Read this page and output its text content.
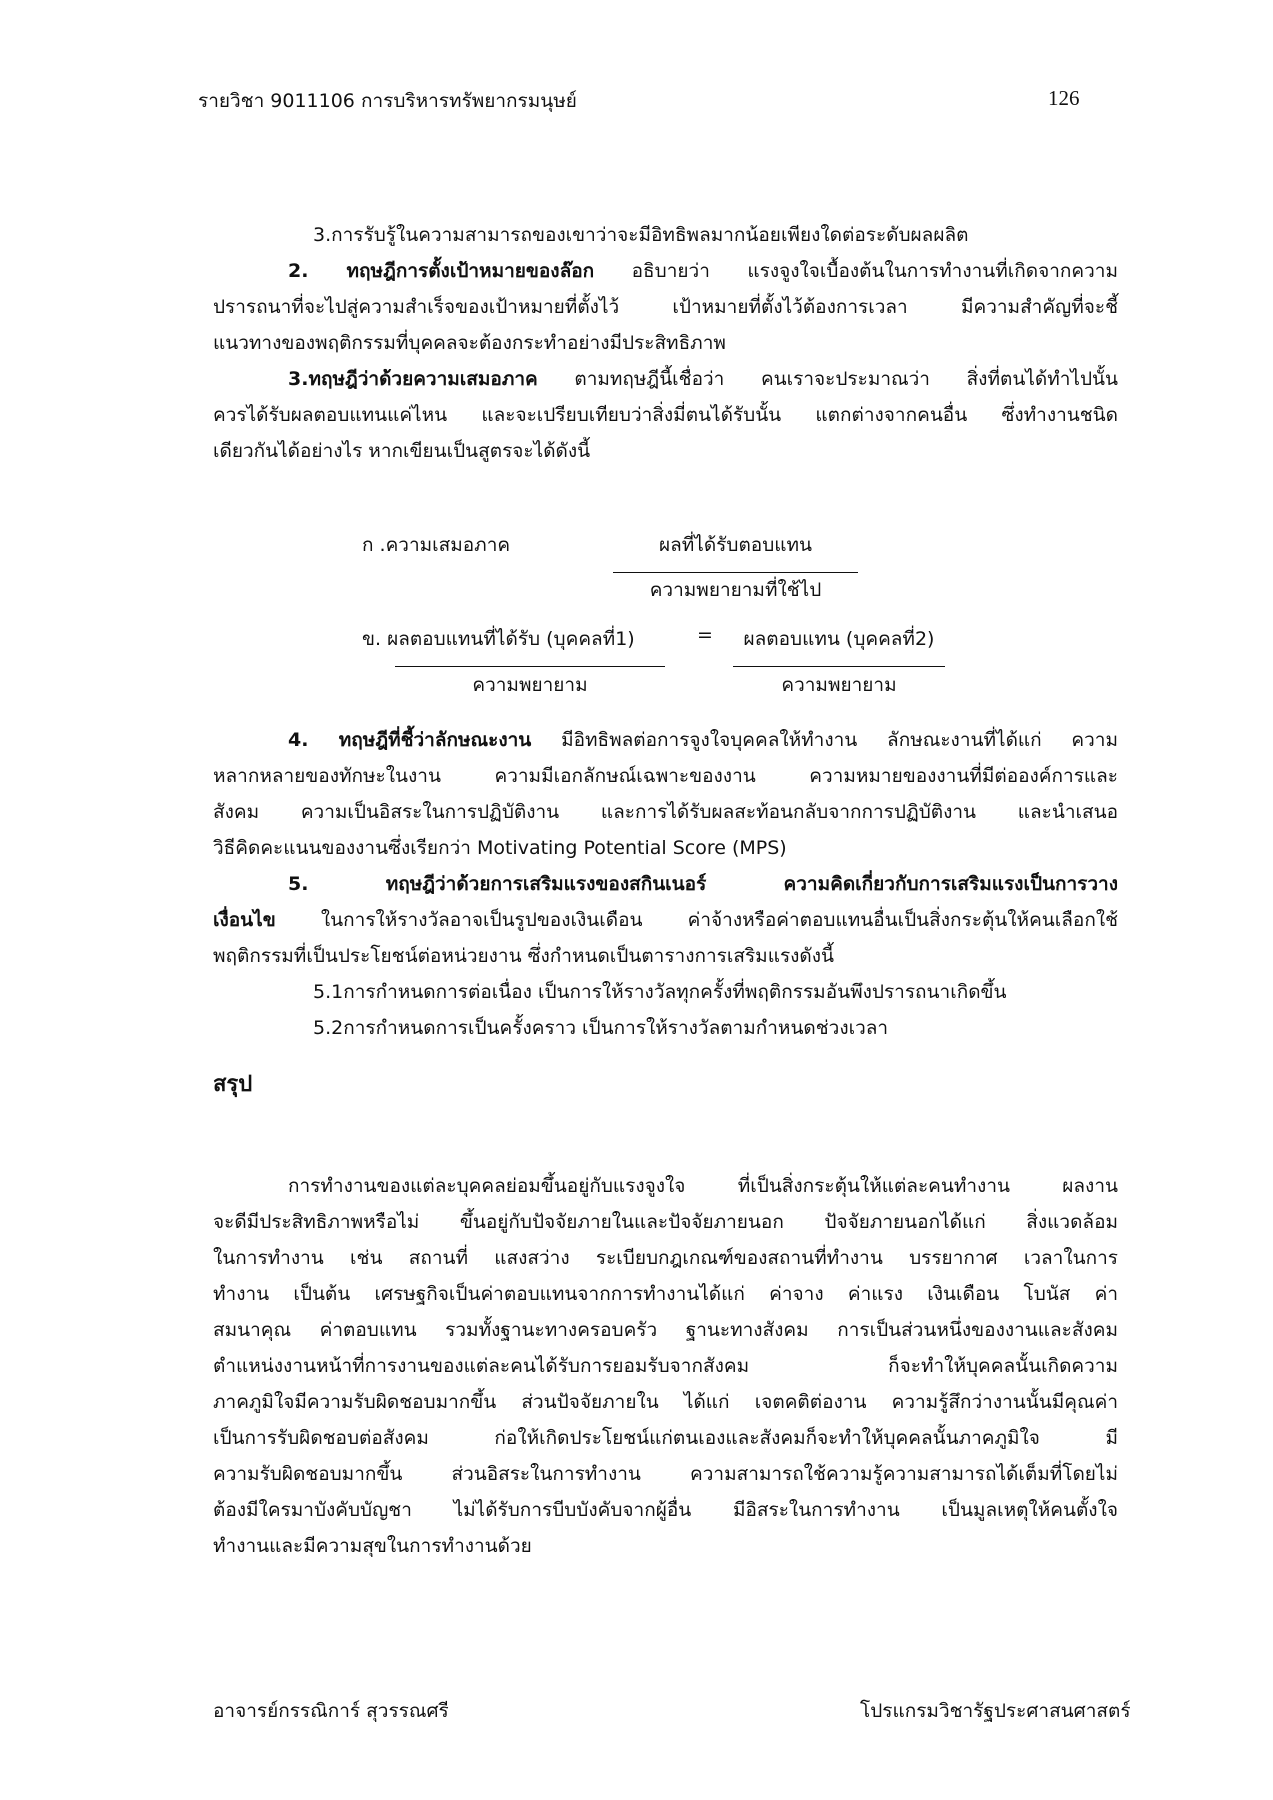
รายวิชา 9011106 การบริหารทรัพยากรมนุษย์	126
3.การรับรู้ในความสามารถของเขาว่าจะมีอิทธิพลมากน้อยเพียงใดต่อระดับผลผลิต
2. ทฤษฎีการตั้งเป้าหมายของล๊อก อธิบายว่า แรงจูงใจเบื้องต้นในการทำงานที่เกิดจากความ
ปรารถนาที่จะไปสู่ความสำเร็จของเป้าหมายที่ตั้งไว้ เป้าหมายที่ตั้งไว้ต้องการเวลา มีความสำคัญที่จะชี้
แนวทางของพฤติกรรมที่บุคคลจะต้องกระทำอย่างมีประสิทธิภาพ
3.ทฤษฎีว่าด้วยความเสมอภาค ตามทฤษฎีนี้เชื่อว่า คนเราจะประมาณว่า สิ่งที่ตนได้ทำไปนั้น
ควรได้รับผลตอบแทนแค่ไหน และจะเปรียบเทียบว่าสิ่งมี่ตนได้รับนั้น แตกต่างจากคนอื่น ซึ่งทำงานชนิด
เดียวกันได้อย่างไร หากเขียนเป็นสูตรจะได้ดังนี้
ก .ความเสมอภาค	ผลที่ได้รับตอบแทน
ความพยายามที่ใช้ไป
ข. ผลตอบแทนที่ได้รับ (บุคคลที่1)
ความพยายาม
=	ผลตอบแทน (บุคคลที่2)
ความพยายาม
4. ทฤษฎีที่ชี้ว่าลักษณะงาน มีอิทธิพลต่อการจูงใจบุคคลให้ทำงาน ลักษณะงานที่ได้แก่ ความ
หลากหลายของทักษะในงาน ความมีเอกลักษณ์เฉพาะของงาน ความหมายของงานที่มีต่อองค์การและ
สังคม ความเป็นอิสระในการปฏิบัติงาน และการได้รับผลสะท้อนกลับจากการปฏิบัติงาน และนำเสนอ
วิธีคิดคะแนนของงานซึ่งเรียกว่า Motivating Potential Score (MPS)
5. ทฤษฎีว่าด้วยการเสริมแรงของสกินเนอร์ ความคิดเกี่ยวกับการเสริมแรงเป็นการวาง
เงื่อนไข ในการให้รางวัลอาจเป็นรูปของเงินเดือน ค่าจ้างหรือค่าตอบแทนอื่นเป็นสิ่งกระตุ้นให้คนเลือกใช้
พฤติกรรมที่เป็นประโยชน์ต่อหน่วยงาน ซึ่งกำหนดเป็นตารางการเสริมแรงดังนี้
5.1การกำหนดการต่อเนื่อง เป็นการให้รางวัลทุกครั้งที่พฤติกรรมอันพึงปรารถนาเกิดขึ้น
5.2การกำหนดการเป็นครั้งคราว เป็นการให้รางวัลตามกำหนดช่วงเวลา
สรุป
การทำงานของแต่ละบุคคลย่อมขึ้นอยู่กับแรงจูงใจ ที่เป็นสิ่งกระตุ้นให้แต่ละคนทำงาน ผลงาน
จะดีมีประสิทธิภาพหรือไม่ ขึ้นอยู่กับปัจจัยภายในและปัจจัยภายนอก ปัจจัยภายนอกได้แก่ สิ่งแวดล้อม
ในการทำงาน เช่น สถานที่ แสงสว่าง ระเบียบกฎเกณฑ์ของสถานที่ทำงาน บรรยากาศ เวลาในการ
ทำงาน เป็นต้น เศรษฐกิจเป็นค่าตอบแทนจากการทำงานได้แก่ ค่าจาง ค่าแรง เงินเดือน โบนัส ค่า
สมนาคุณ ค่าตอบแทน รวมทั้งฐานะทางครอบครัว ฐานะทางสังคม การเป็นส่วนหนึ่งของงานและสังคม
ตำแหน่งงานหน้าที่การงานของแต่ละคนได้รับการยอมรับจากสังคม ก็จะทำให้บุคคลนั้นเกิดความ
ภาคภูมิใจมีความรับผิดชอบมากขึ้น ส่วนปัจจัยภายใน ได้แก่ เจตคติต่องาน ความรู้สึกว่างานนั้นมีคุณค่า
เป็นการรับผิดชอบต่อสังคม ก่อให้เกิดประโยชน์แก่ตนเองและสังคมก็จะทำให้บุคคลนั้นภาคภูมิใจ มี
ความรับผิดชอบมากขึ้น ส่วนอิสระในการทำงาน ความสามารถใช้ความรู้ความสามารถได้เต็มที่โดยไม่
ต้องมีใครมาบังคับบัญชา ไม่ได้รับการบีบบังคับจากผู้อื่น มีอิสระในการทำงาน เป็นมูลเหตุให้คนตั้งใจ
ทำงานและมีความสุขในการทำงานด้วย
อาจารย์กรรณิการ์ สุวรรณศรี	โปรแกรมวิชารัฐประศาสนศาสตร์
